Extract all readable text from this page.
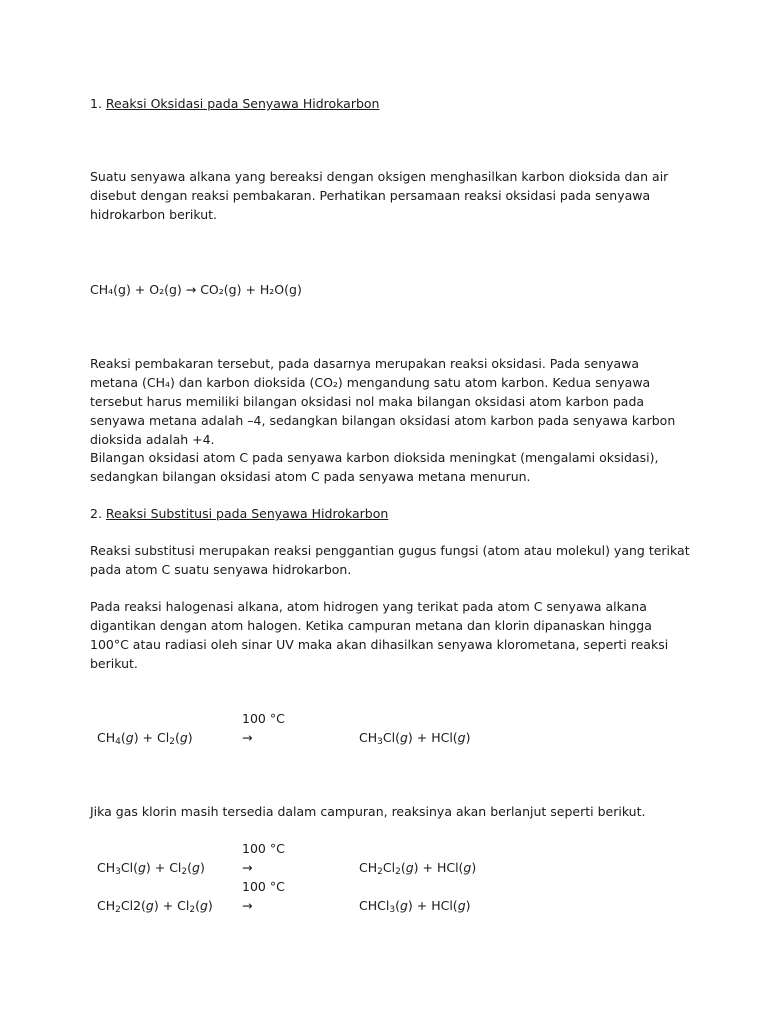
1. Reaksi Oksidasi pada Senyawa Hidrokarbon

Suatu senyawa alkana yang bereaksi dengan oksigen menghasilkan karbon dioksida dan air disebut dengan reaksi pembakaran. Perhatikan persamaan reaksi oksidasi pada senyawa hidrokarbon berikut.

CH₄(g) + O₂(g) → CO₂(g) + H₂O(g)

Reaksi pembakaran tersebut, pada dasarnya merupakan reaksi oksidasi. Pada senyawa metana (CH₄) dan karbon dioksida (CO₂) mengandung satu atom karbon. Kedua senyawa tersebut harus memiliki bilangan oksidasi nol maka bilangan oksidasi atom karbon pada senyawa metana adalah –4, sedangkan bilangan oksidasi atom karbon pada senyawa karbon dioksida adalah +4.

Bilangan oksidasi atom C pada senyawa karbon dioksida meningkat (mengalami oksidasi), sedangkan bilangan oksidasi atom C pada senyawa metana menurun.

2. Reaksi Substitusi pada Senyawa Hidrokarbon

Reaksi substitusi merupakan reaksi penggantian gugus fungsi (atom atau molekul) yang terikat pada atom C suatu senyawa hidrokarbon.

Pada reaksi halogenasi alkana, atom hidrogen yang terikat pada atom C senyawa alkana digantikan dengan atom halogen. Ketika campuran metana dan klorin dipanaskan hingga 100°C atau radiasi oleh sinar UV maka akan dihasilkan senyawa klorometana, seperti reaksi berikut.

100 °C
$CH_4(g) + Cl_2(g)$	→	$CH_3Cl(g) + HCl(g)$

Jika gas klorin masih tersedia dalam campuran, reaksinya akan berlanjut seperti berikut.

100 °C
$CH_3Cl(g) + Cl_2(g)$	→	$CH_2Cl_2(g) + HCl(g)$
100 °C
$CH_2Cl2(g) + Cl_2(g)$ →	CHCl$_3$(g) + HCl(g)
